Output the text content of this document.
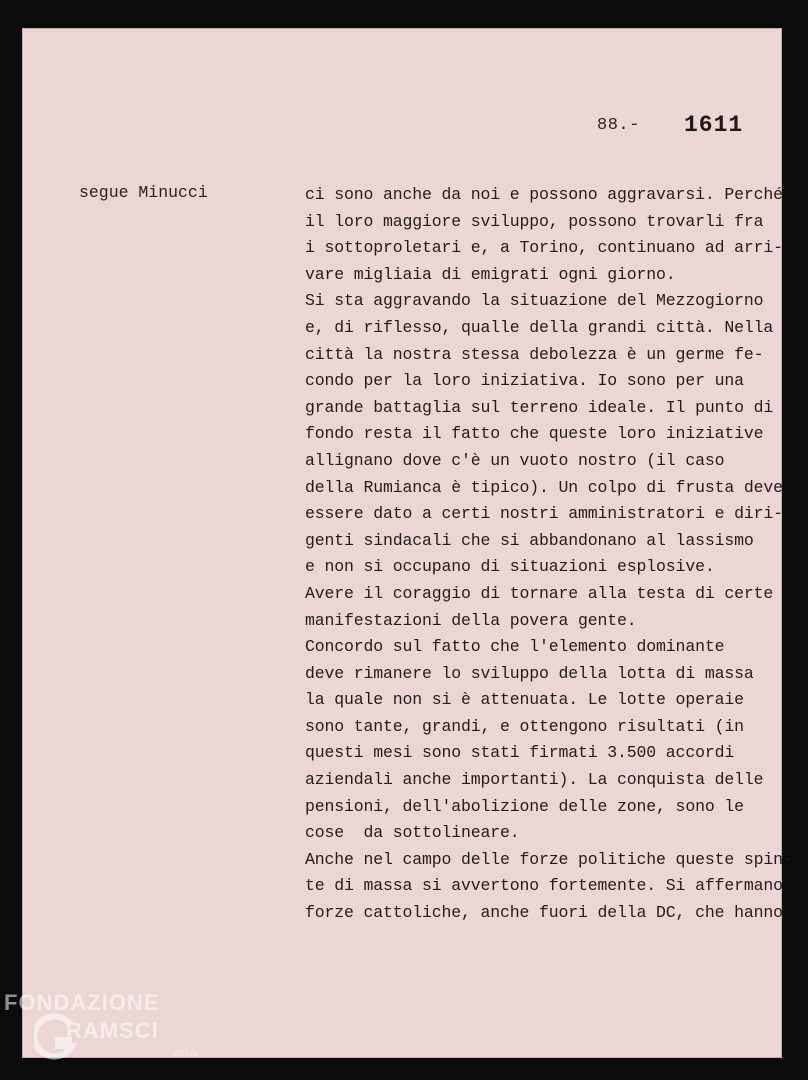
88.- 1611
segue Minucci	ci sono anche da noi e possono aggravarsi. Perché
il loro maggiore sviluppo, possono trovarli fra
i sottoproletari e, a Torino, continuano ad arri-
vare migliaia di emigrati ogni giorno.
Si sta aggravando la situazione del Mezzogiorno
e, di riflesso, qualle della grandi città. Nella
città la nostra stessa debolezza è un germe fe-
condo per la loro iniziativa. Io sono per una
grande battaglia sul terreno ideale. Il punto di
fondo resta il fatto che queste loro iniziative
allignano dove c'è un vuoto nostro (il caso
della Rumianca è tipico). Un colpo di frusta deve
essere dato a certi nostri amministratori e diri-
genti sindacali che si abbandonano al lassismo
e non si occupano di situazioni esplosive.
Avere il coraggio di tornare alla testa di certe
manifestazioni della povera gente.
Concordo sul fatto che l'elemento dominante
deve rimanere lo sviluppo della lotta di massa
la quale non si è attenuata. Le lotte operaie
sono tante, grandi, e ottengono risultati (in
questi mesi sono stati firmati 3.500 accordi
aziendali anche importanti). La conquista delle
pensioni, dell'abolizione delle zone, sono le
cose  da sottolineare.
Anche nel campo delle forze politiche queste spin-
te di massa si avvertono fortemente. Si affermano
forze cattoliche, anche fuori della DC, che hanno
FONDAZIONE
RAMSCI
onlus
